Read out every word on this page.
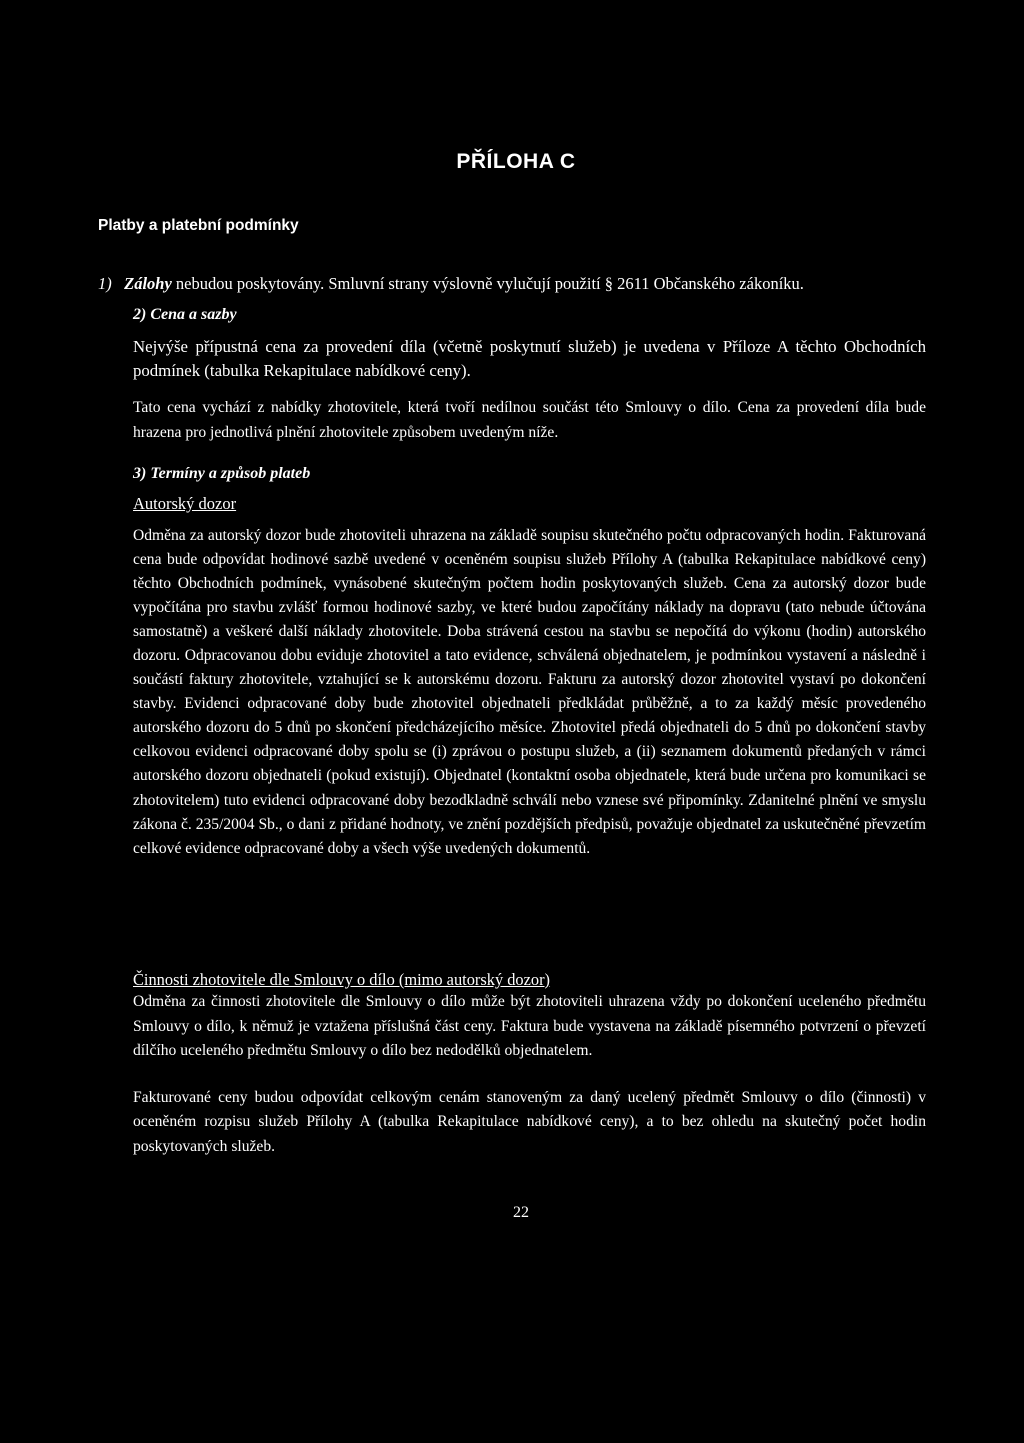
PŘÍLOHA C
Platby a platební podmínky
1) Zálohy nebudou poskytovány. Smluvní strany výslovně vylučují použití § 2611 Občanského zákoníku.
2) Cena a sazby

Nejvýše přípustná cena za provedení díla (včetně poskytnutí služeb) je uvedena v Příloze A těchto Obchodních podmínek (tabulka Rekapitulace nabídkové ceny).

Tato cena vychází z nabídky zhotovitele, která tvoří nedílnou součást této Smlouvy o dílo. Cena za provedení díla bude hrazena pro jednotlivá plnění zhotovitele způsobem uvedeným níže.

3) Termíny a způsob plateb
Autorský dozor

Odměna za autorský dozor bude zhotoviteli uhrazena na základě soupisu skutečného počtu odpracovaných hodin. Fakturovaná cena bude odpovídat hodinové sazbě uvedené v oceněném soupisu služeb Přílohy A (tabulka Rekapitulace nabídkové ceny) těchto Obchodních podmínek, vynásobené skutečným počtem hodin poskytovaných služeb. Cena za autorský dozor bude vypočítána pro stavbu zvlášť formou hodinové sazby, ve které budou započítány náklady na dopravu (tato nebude účtována samostatně) a veškeré další náklady zhotovitele. Doba strávená cestou na stavbu se nepočítá do výkonu (hodin) autorského dozoru. Odpracovanou dobu eviduje zhotovitel a tato evidence, schválená objednatelem, je podmínkou vystavení a následně i součástí faktury zhotovitele, vztahující se k autorskému dozoru. Fakturu za autorský dozor zhotovitel vystaví po dokončení stavby. Evidenci odpracované doby bude zhotovitel objednateli předkládat průběžně, a to za každý měsíc provedeného autorského dozoru do 5 dnů po skončení předcházejícího měsíce. Zhotovitel předá objednateli do 5 dnů po dokončení stavby celkovou evidenci odpracované doby spolu se (i) zprávou o postupu služeb, a (ii) seznamem dokumentů předaných v rámci autorského dozoru objednateli (pokud existují). Objednatel (kontaktní osoba objednatele, která bude určena pro komunikaci se zhotovitelem) tuto evidenci odpracované doby bezodkladně schválí nebo vznese své připomínky. Zdanitelné plnění ve smyslu zákona č. 235/2004 Sb., o dani z přidané hodnoty, ve znění pozdějších předpisů, považuje objednatel za uskutečněné převzetím celkové evidence odpracované doby a všech výše uvedených dokumentů.

Činnosti zhotovitele dle Smlouvy o dílo (mimo autorský dozor)

Odměna za činnosti zhotovitele dle Smlouvy o dílo může být zhotoviteli uhrazena vždy po dokončení uceleného předmětu Smlouvy o dílo, k němuž je vztažena příslušná část ceny. Faktura bude vystavena na základě písemného potvrzení o převzetí dílčího uceleného předmětu Smlouvy o dílo bez nedodělků objednatelem.

Fakturované ceny budou odpovídat celkovým cenám stanoveným za daný ucelený předmět Smlouvy o dílo (činnosti) v oceněném rozpisu služeb Přílohy A (tabulka Rekapitulace nabídkové ceny), a to bez ohledu na skutečný počet hodin poskytovaných služeb.

22
